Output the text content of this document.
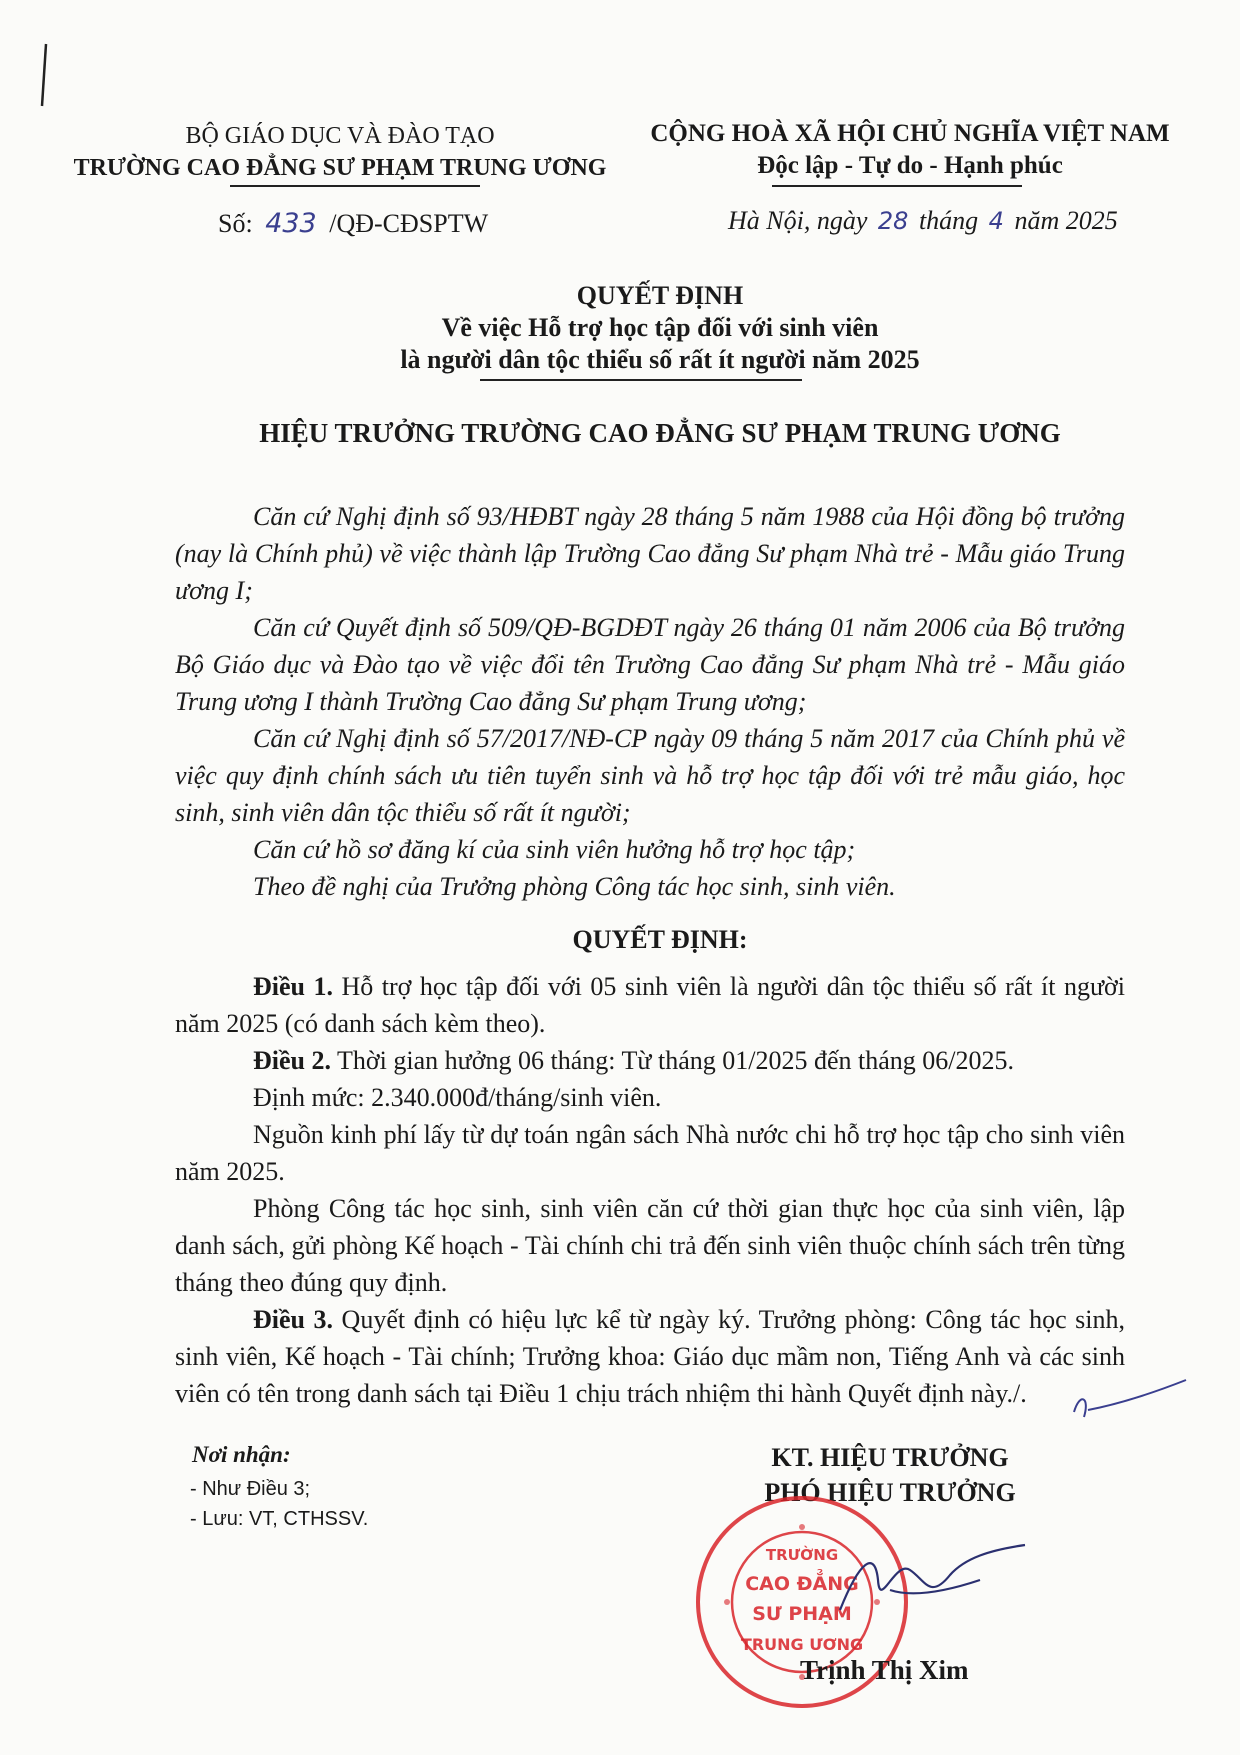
BỘ GIÁO DỤC VÀ ĐÀO TẠO
TRƯỜNG CAO ĐẲNG SƯ PHẠM TRUNG ƯƠNG
CỘNG HOÀ XÃ HỘI CHỦ NGHĨA VIỆT NAM
Độc lập - Tự do - Hạnh phúc
Số: 433 /QĐ-CĐSPTW	Hà Nội, ngày 28 tháng 4 năm 2025
QUYẾT ĐỊNH
Về việc Hỗ trợ học tập đối với sinh viên
là người dân tộc thiểu số rất ít người năm 2025
HIỆU TRƯỞNG TRƯỜNG CAO ĐẲNG SƯ PHẠM TRUNG ƯƠNG
Căn cứ Nghị định số 93/HĐBT ngày 28 tháng 5 năm 1988 của Hội đồng bộ trưởng (nay là Chính phủ) về việc thành lập Trường Cao đẳng Sư phạm Nhà trẻ - Mẫu giáo Trung ương I;
Căn cứ Quyết định số 509/QĐ-BGDĐT ngày 26 tháng 01 năm 2006 của Bộ trưởng Bộ Giáo dục và Đào tạo về việc đổi tên Trường Cao đẳng Sư phạm Nhà trẻ - Mẫu giáo Trung ương I thành Trường Cao đẳng Sư phạm Trung ương;
Căn cứ Nghị định số 57/2017/NĐ-CP ngày 09 tháng 5 năm 2017 của Chính phủ về việc quy định chính sách ưu tiên tuyển sinh và hỗ trợ học tập đối với trẻ mẫu giáo, học sinh, sinh viên dân tộc thiểu số rất ít người;
Căn cứ hồ sơ đăng kí của sinh viên hưởng hỗ trợ học tập;
Theo đề nghị của Trưởng phòng Công tác học sinh, sinh viên.
QUYẾT ĐỊNH:
Điều 1. Hỗ trợ học tập đối với 05 sinh viên là người dân tộc thiểu số rất ít người năm 2025 (có danh sách kèm theo).
Điều 2. Thời gian hưởng 06 tháng: Từ tháng 01/2025 đến tháng 06/2025.
Định mức: 2.340.000đ/tháng/sinh viên.
Nguồn kinh phí lấy từ dự toán ngân sách Nhà nước chi hỗ trợ học tập cho sinh viên năm 2025.
Phòng Công tác học sinh, sinh viên căn cứ thời gian thực học của sinh viên, lập danh sách, gửi phòng Kế hoạch - Tài chính chi trả đến sinh viên thuộc chính sách trên từng tháng theo đúng quy định.
Điều 3. Quyết định có hiệu lực kể từ ngày ký. Trưởng phòng: Công tác học sinh, sinh viên, Kế hoạch - Tài chính; Trưởng khoa: Giáo dục mầm non, Tiếng Anh và các sinh viên có tên trong danh sách tại Điều 1 chịu trách nhiệm thi hành Quyết định này./.
Nơi nhận:
- Như Điều 3;
- Lưu: VT, CTHSSV.
KT. HIỆU TRƯỞNG
PHÓ HIỆU TRƯỞNG
TRƯỜNG
CAO ĐẲNG
SƯ PHẠM
TRUNG ƯƠNG
Trịnh Thị Xim
